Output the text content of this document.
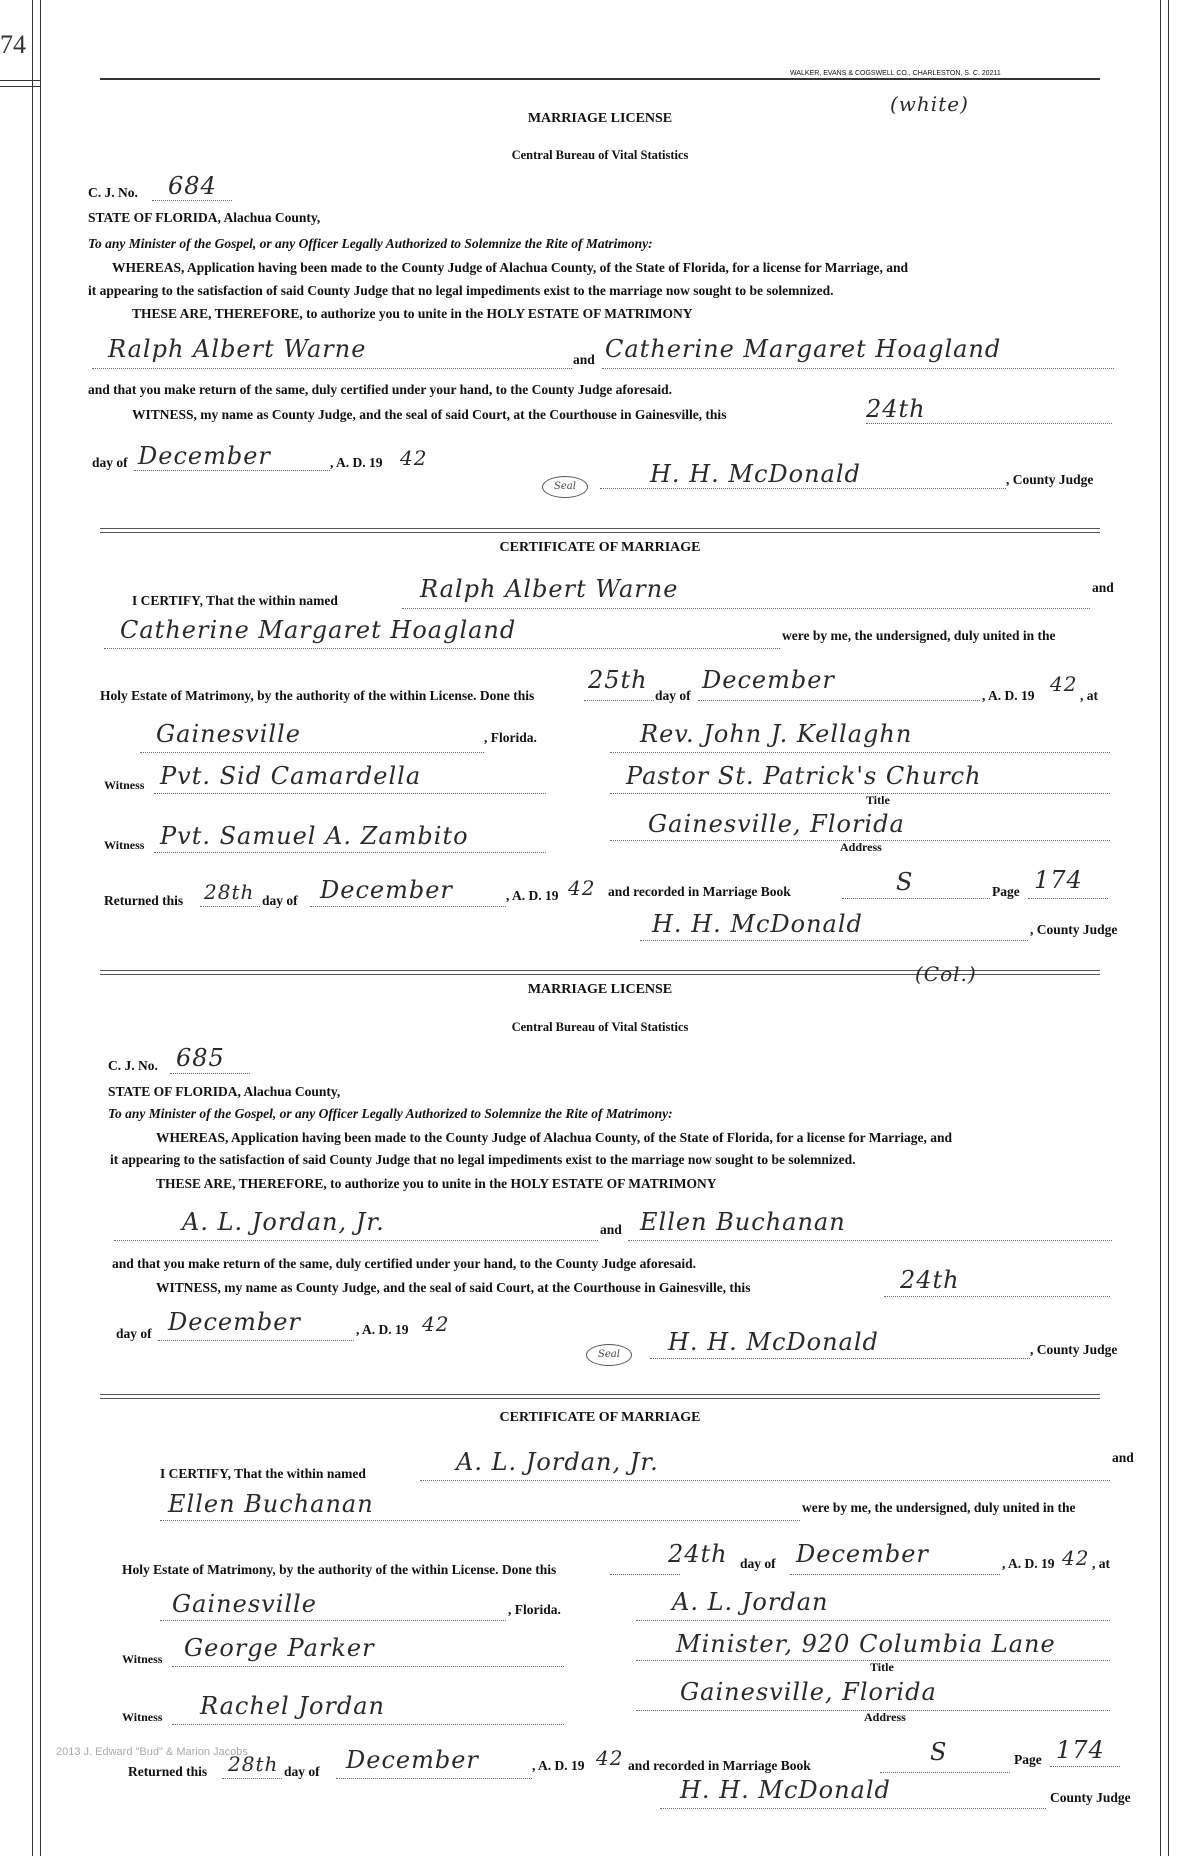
74
WALKER, EVANS & COGSWELL CO., CHARLESTON, S. C. 20211
(white)
MARRIAGE LICENSE
Central Bureau of Vital Statistics
C. J. No. 684
STATE OF FLORIDA, Alachua County,
To any Minister of the Gospel, or any Officer Legally Authorized to Solemnize the Rite of Matrimony:
WHEREAS, Application having been made to the County Judge of Alachua County, of the State of Florida, for a license for Marriage, and
it appearing to the satisfaction of said County Judge that no legal impediments exist to the marriage now sought to be solemnized.
THESE ARE, THEREFORE, to authorize you to unite in the HOLY ESTATE OF MATRIMONY
Ralph Albert Warne	and Catherine Margaret Hoagland
and that you make return of the same, duly certified under your hand, to the County Judge aforesaid.
WITNESS, my name as County Judge, and the seal of said Court, at the Courthouse in Gainesville, this	24th
day of December	, A. D. 19 42
Seal	H. H. McDonald	, County Judge
CERTIFICATE OF MARRIAGE
I CERTIFY, That the within named	Ralph Albert Warne	and
Catherine Margaret Hoagland	were by me, the undersigned, duly united in the
Holy Estate of Matrimony, by the authority of the within License. Done this
25th
day of
December
, A. D. 19 42 , at
Gainesville	, Florida.	Rev. John J. Kellaghn
Witness Pvt. Sid Camardella	Pastor St. Patrick's Church
Title
Witness Pvt. Samuel A. Zambito	Gainesville, Florida
Address
Returned this 28th day of December	, A. D. 19 42 and recorded in Marriage Book	S	Page 174
H. H. McDonald	, County Judge
(Col.)
MARRIAGE LICENSE
Central Bureau of Vital Statistics
C. J. No. 685
STATE OF FLORIDA, Alachua County,
To any Minister of the Gospel, or any Officer Legally Authorized to Solemnize the Rite of Matrimony:
WHEREAS, Application having been made to the County Judge of Alachua County, of the State of Florida, for a license for Marriage, and
it appearing to the satisfaction of said County Judge that no legal impediments exist to the marriage now sought to be solemnized.
THESE ARE, THEREFORE, to authorize you to unite in the HOLY ESTATE OF MATRIMONY
A. L. Jordan, Jr.	and Ellen Buchanan
and that you make return of the same, duly certified under your hand, to the County Judge aforesaid.
WITNESS, my name as County Judge, and the seal of said Court, at the Courthouse in Gainesville, this	24th
day of December	, A. D. 19 42
Seal	H. H. McDonald	, County Judge
CERTIFICATE OF MARRIAGE
I CERTIFY, That the within named	A. L. Jordan, Jr.	and
Ellen Buchanan	were by me, the undersigned, duly united in the
Holy Estate of Matrimony, by the authority of the within License. Done this
24th day of December	, A. D. 19 42 , at
Gainesville	, Florida.	A. L. Jordan
Witness George Parker	Minister, 920 Columbia Lane
Title
Witness Rachel Jordan	Gainesville, Florida
Address
2013 J. Edward "Bud" & Marion Jacobs
Returned this 28th day of December	, A. D. 19 42 and recorded in Marriage Book	S	Page 174
H. H. McDonald	County Judge
